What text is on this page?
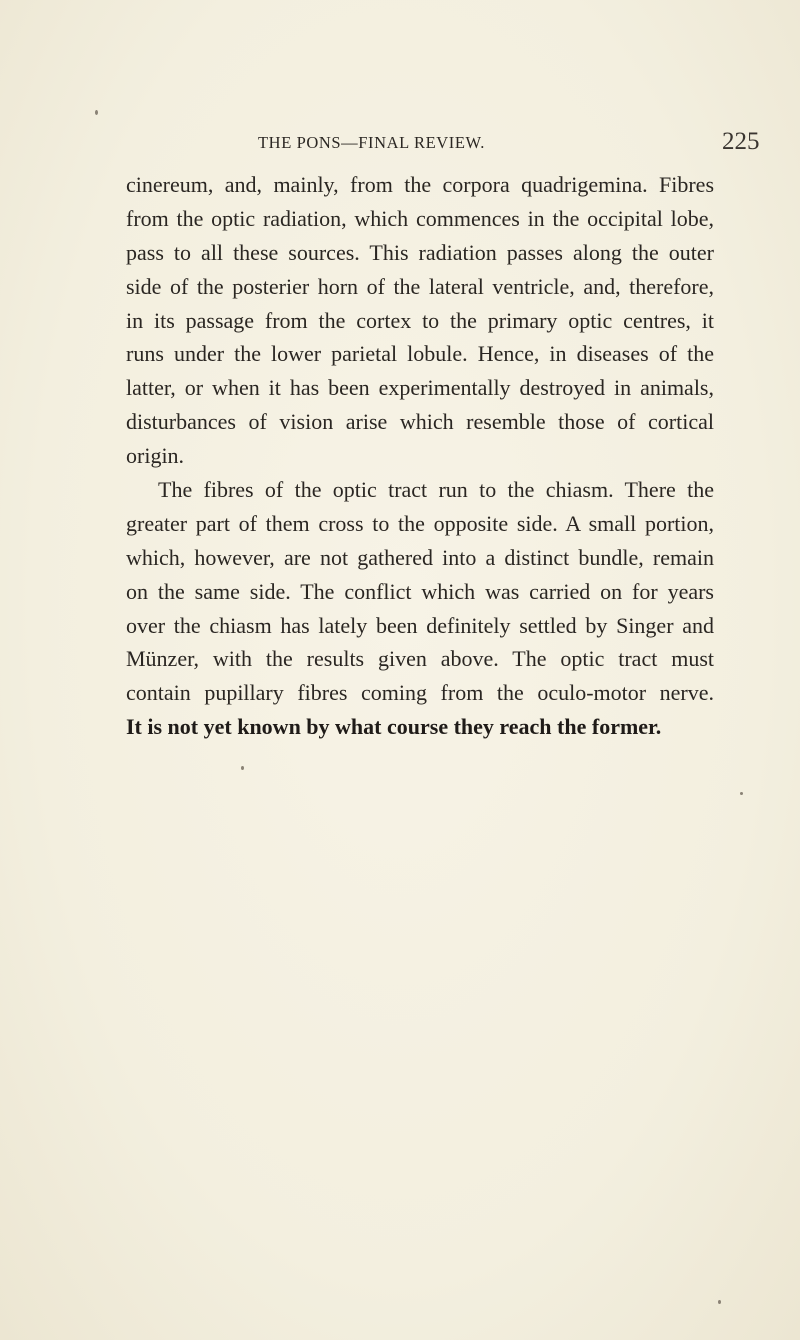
THE PONS—FINAL REVIEW.	225
cinereum, and, mainly, from the corpora quadrigemina. Fibres
from the optic radiation, which commences in the occipital lobe,
pass to all these sources. This radiation passes along the outer
side of the posterier horn of the lateral ventricle, and, therefore,
in its passage from the cortex to the primary optic centres, it
runs under the lower parietal lobule. Hence, in diseases of the
latter, or when it has been experimentally destroyed in animals,
disturbances of vision arise which resemble those of cortical
origin.
The fibres of the optic tract run to the chiasm. There the
greater part of them cross to the opposite side. A small portion,
which, however, are not gathered into a distinct bundle, remain
on the same side. The conflict which was carried on for years
over the chiasm has lately been definitely settled by Singer and
Münzer, with the results given above. The optic tract must
contain pupillary fibres coming from the oculo-motor nerve.
It is not yet known by what course they reach the former.
